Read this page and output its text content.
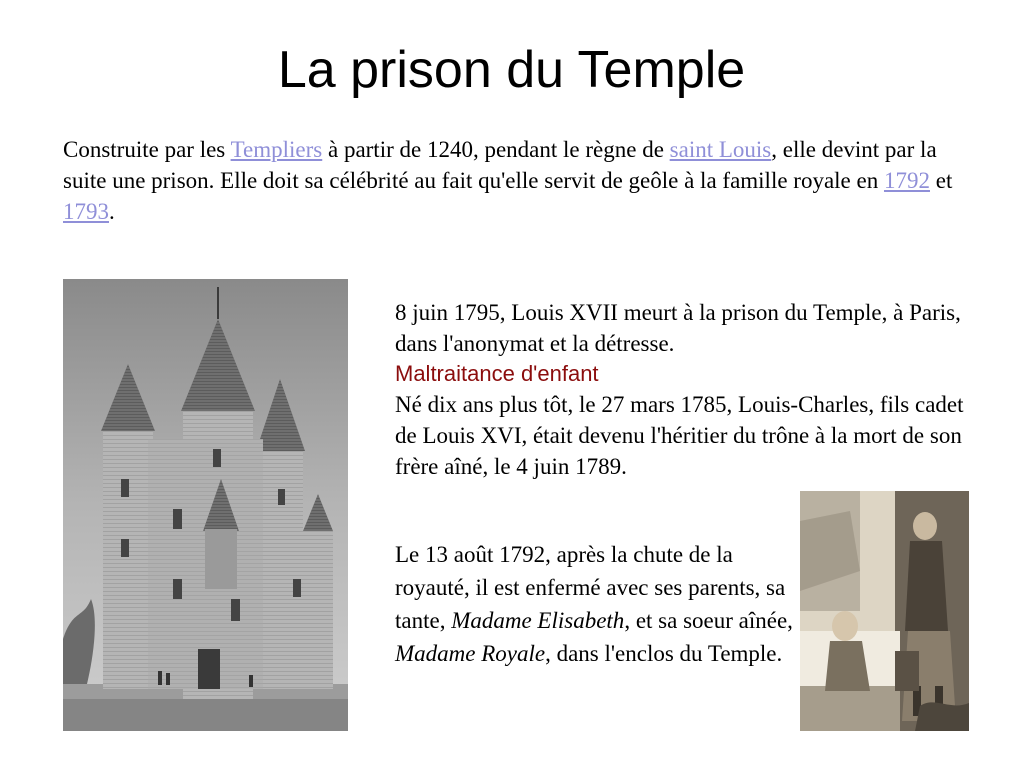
La prison du Temple
Construite par les Templiers à partir de 1240, pendant le règne de saint Louis, elle devint par la suite une prison. Elle doit sa célébrité au fait qu'elle servit de geôle à la famille royale en 1792 et 1793.

8 juin 1795, Louis XVII meurt à la prison du Temple, à Paris, dans l'anonymat et la détresse.

Maltraitance d'enfant

Né dix ans plus tôt, le 27 mars 1785, Louis-Charles, fils cadet de Louis XVI, était devenu l'héritier du trône à la mort de son frère aîné, le 4 juin 1789.

Le 13 août 1792, après la chute de la royauté, il est enfermé avec ses parents, sa tante, Madame Elisabeth, et sa soeur aînée, Madame Royale, dans l'enclos du Temple.
